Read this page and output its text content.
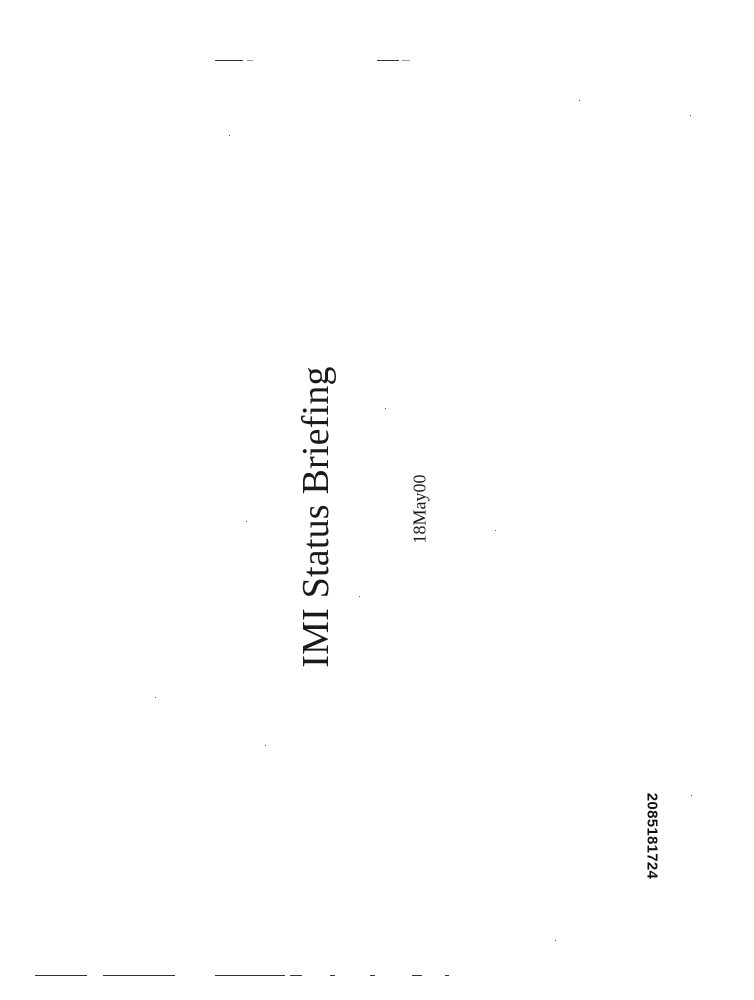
IMI Status Briefing	18May00
2085181724
